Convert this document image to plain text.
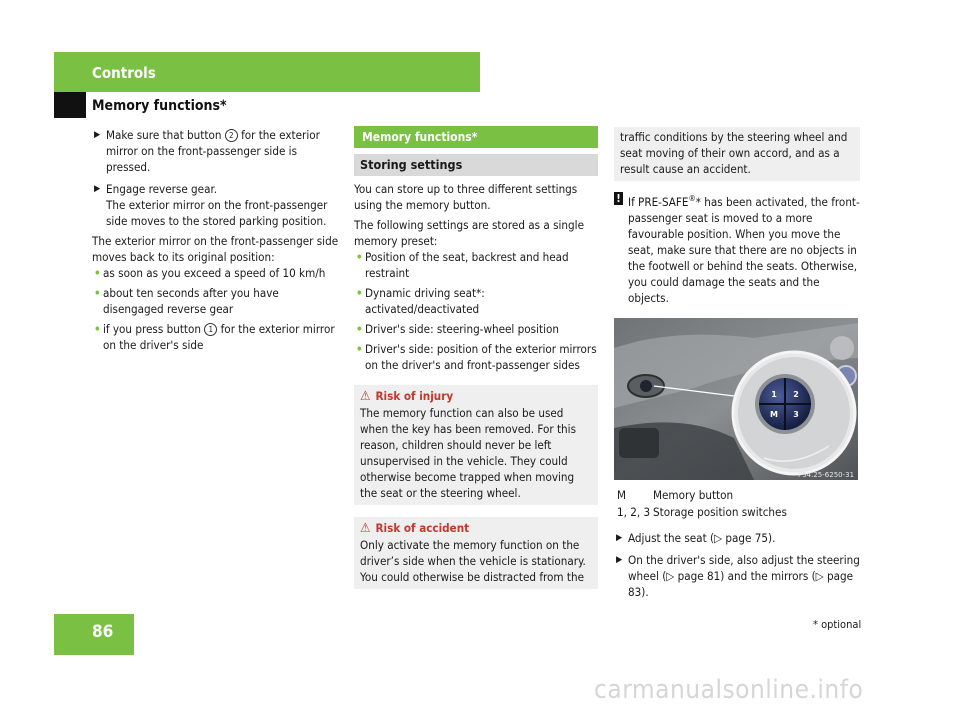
Controls
Memory functions*

▶ Make sure that button 2 for the exterior mirror on the front-passenger side is pressed.

▶ Engage reverse gear.

The exterior mirror on the front-passenger side moves to the stored parking position.

The exterior mirror on the front-passenger side moves back to its original position:

• as soon as you exceed a speed of 10 km/h

• about ten seconds after you have disengaged reverse gear

• if you press button 1 for the exterior mirror on the driver's side

Memory functions*
Storing settings

You can store up to three different settings using the memory button.

The following settings are stored as a single memory preset:

• Position of the seat, backrest and head restraint

• Dynamic driving seat*: activated/deactivated

• Driver's side: steering-wheel position

• Driver's side: position of the exterior mirrors on the driver's and front-passenger sides

⚠ Risk of injury

The memory function can also be used when the key has been removed. For this reason, children should never be left unsupervised in the vehicle. They could otherwise become trapped when moving the seat or the steering wheel.

⚠ Risk of accident

Only activate the memory function on the driver’s side when the vehicle is stationary. You could otherwise be distracted from the

traffic conditions by the steering wheel and seat moving of their own accord, and as a result cause an accident.

! If PRE-SAFE®* has been activated, the front-passenger seat is moved to a more favourable position. When you move the seat, make sure that there are no objects in the footwell or behind the seats. Otherwise, you could damage the seats and the objects.

1 2
M 3
P54.25-6250-31
M Memory button
1, 2, 3 Storage position switches

▶ Adjust the seat (▷ page 75).

▶ On the driver's side, also adjust the steering wheel (▷ page 81) and the mirrors (▷ page 83).

86	* optional
carmanualsonline.info
